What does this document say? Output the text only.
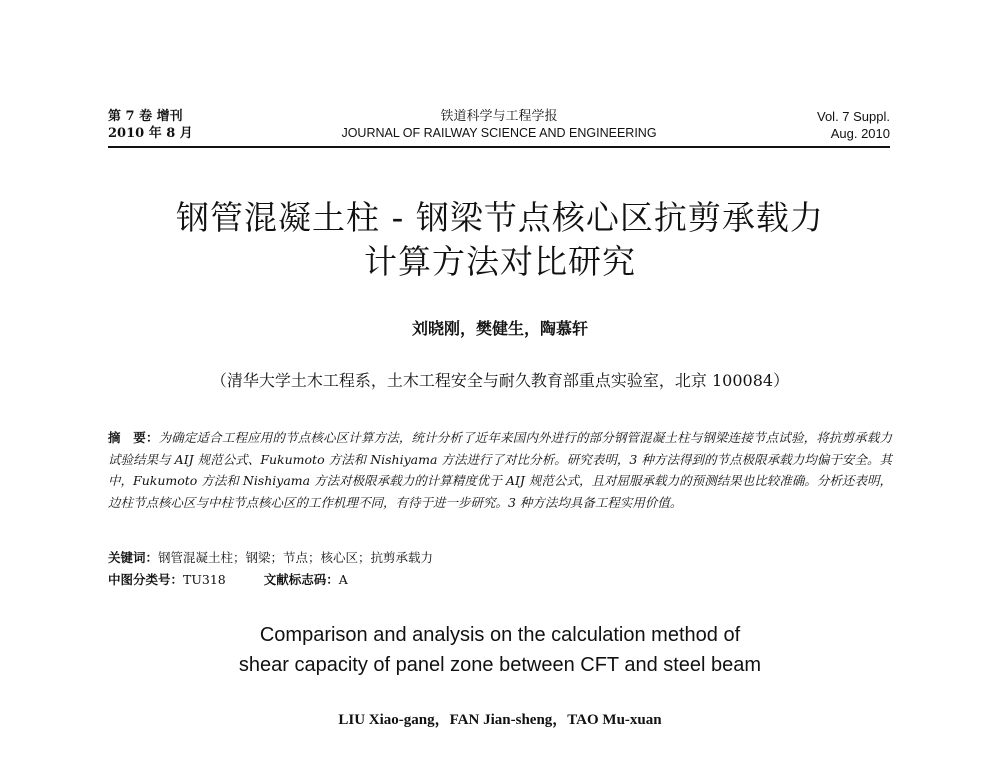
第 7 卷 增刊
2010 年 8 月
铁道科学与工程学报
JOURNAL OF RAILWAY SCIENCE AND ENGINEERING
Vol. 7 Suppl.
Aug. 2010
钢管混凝土柱 - 钢梁节点核心区抗剪承载力
计算方法对比研究
刘晓刚，樊健生，陶慕轩
（清华大学土木工程系，土木工程安全与耐久教育部重点实验室，北京 100084）
摘　要：为确定适合工程应用的节点核心区计算方法，统计分析了近年来国内外进行的部分钢管混凝土柱与钢梁连接节点试验，将抗剪承载力试验结果与 AIJ 规范公式、Fukumoto 方法和 Nishiyama 方法进行了对比分析。研究表明，3 种方法得到的节点极限承载力均偏于安全。其中，Fukumoto 方法和 Nishiyama 方法对极限承载力的计算精度优于 AIJ 规范公式，且对屈服承载力的预测结果也比较准确。分析还表明，边柱节点核心区与中柱节点核心区的工作机理不同，有待于进一步研究。3 种方法均具备工程实用价值。
关键词：钢管混凝土柱；钢梁；节点；核心区；抗剪承载力
中图分类号：TU318	文献标志码：A
Comparison and analysis on the calculation method of
shear capacity of panel zone between CFT and steel beam
LIU Xiao-gang，FAN Jian-sheng，TAO Mu-xuan
